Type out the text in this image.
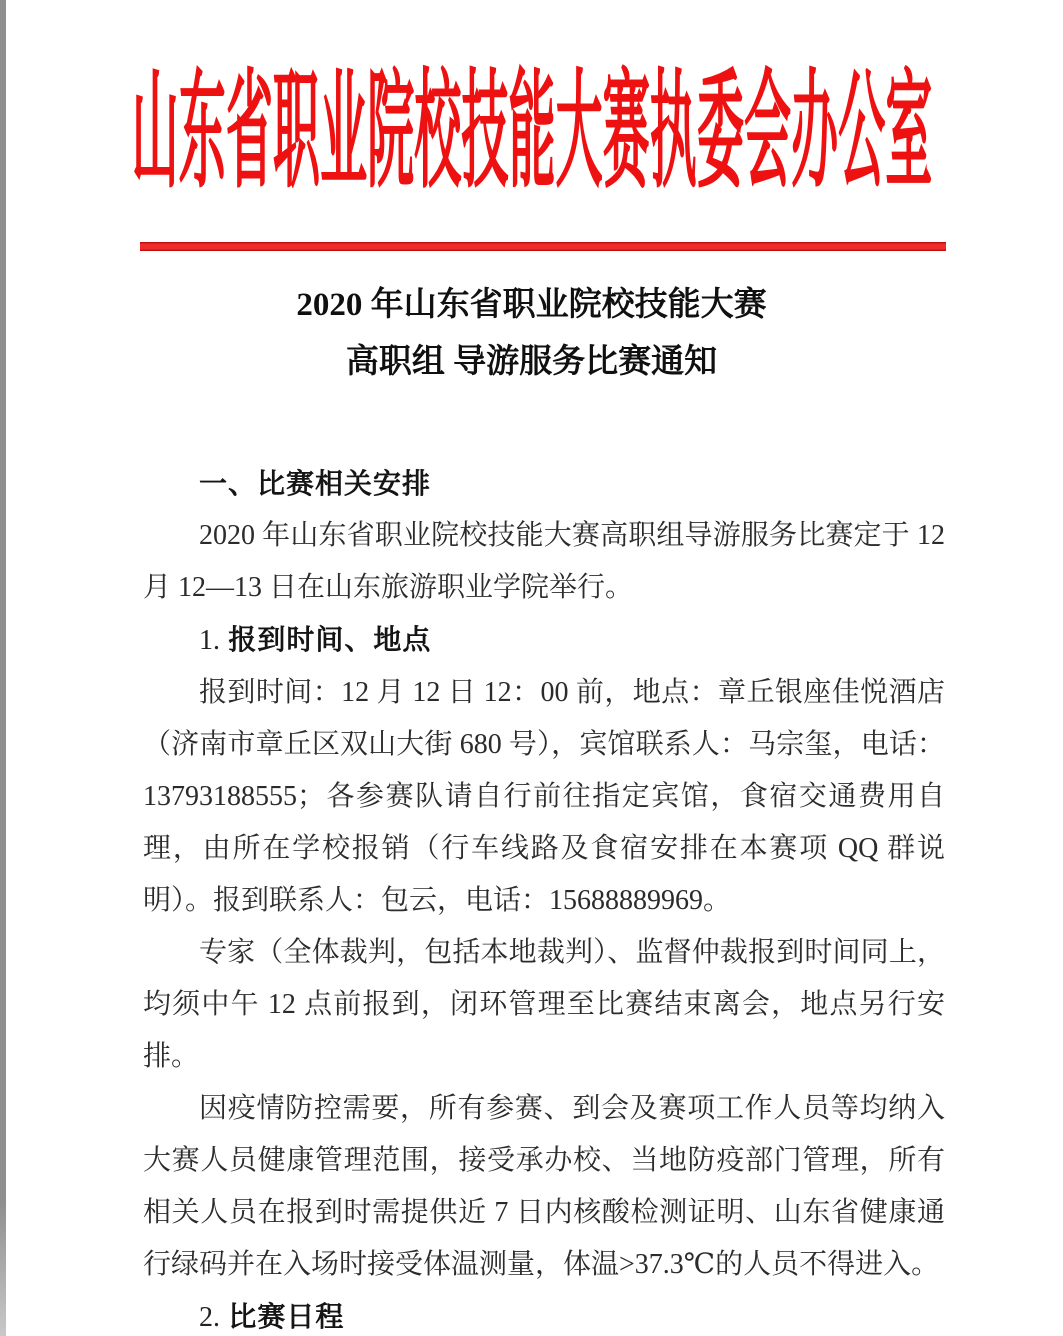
山东省职业院校技能大赛执委会办公室
2020 年山东省职业院校技能大赛
高职组 导游服务比赛通知
一、比赛相关安排

2020 年山东省职业院校技能大赛高职组导游服务比赛定于 12 月 12—13 日在山东旅游职业学院举行。

1. 报到时间、地点

报到时间：12 月 12 日 12：00 前，地点：章丘银座佳悦酒店（济南市章丘区双山大街 680 号），宾馆联系人：马宗玺，电话：13793188555；各参赛队请自行前往指定宾馆，食宿交通费用自理，由所在学校报销（行车线路及食宿安排在本赛项 QQ 群说明）。报到联系人：包云，电话：15688889969。

专家（全体裁判，包括本地裁判）、监督仲裁报到时间同上，均须中午 12 点前报到，闭环管理至比赛结束离会，地点另行安排。

因疫情防控需要，所有参赛、到会及赛项工作人员等均纳入大赛人员健康管理范围，接受承办校、当地防疫部门管理，所有相关人员在报到时需提供近 7 日内核酸检测证明、山东省健康通行绿码并在入场时接受体温测量，体温>37.3℃的人员不得进入。

2. 比赛日程
